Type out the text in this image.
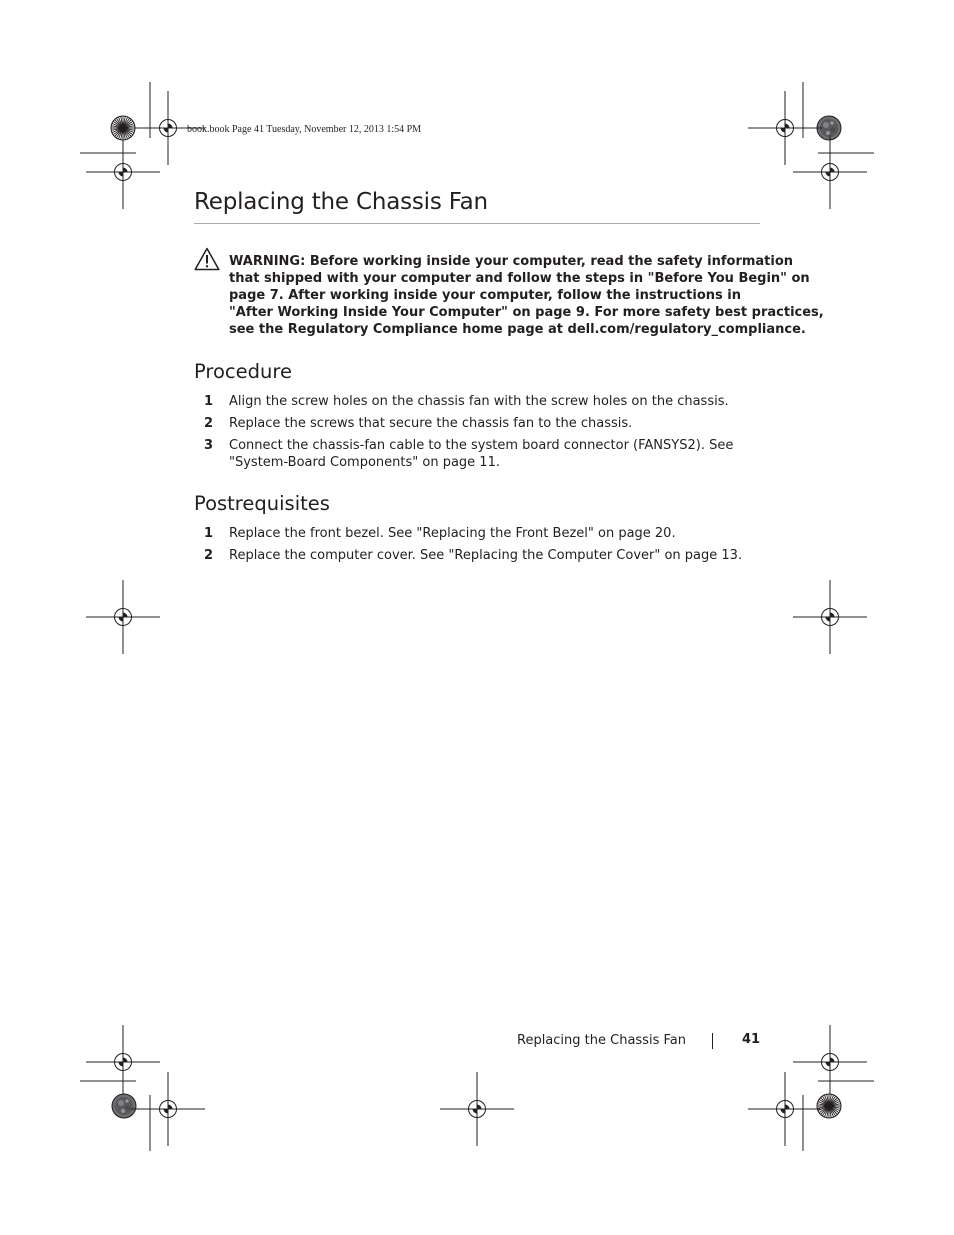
book.book Page 41 Tuesday, November 12, 2013 1:54 PM
Replacing the Chassis Fan
WARNING: Before working inside your computer, read the safety information
that shipped with your computer and follow the steps in "Before You Begin" on
page 7. After working inside your computer, follow the instructions in
"After Working Inside Your Computer" on page 9. For more safety best practices,
see the Regulatory Compliance home page at dell.com/regulatory_compliance.
Procedure
1 Align the screw holes on the chassis fan with the screw holes on the chassis.
2 Replace the screws that secure the chassis fan to the chassis.
3 Connect the chassis-fan cable to the system board connector (FANSYS2). See
"System-Board Components" on page 11.
Postrequisites
1 Replace the front bezel. See "Replacing the Front Bezel" on page 20.
2 Replace the computer cover. See "Replacing the Computer Cover" on page 13.
Replacing the Chassis Fan	41
